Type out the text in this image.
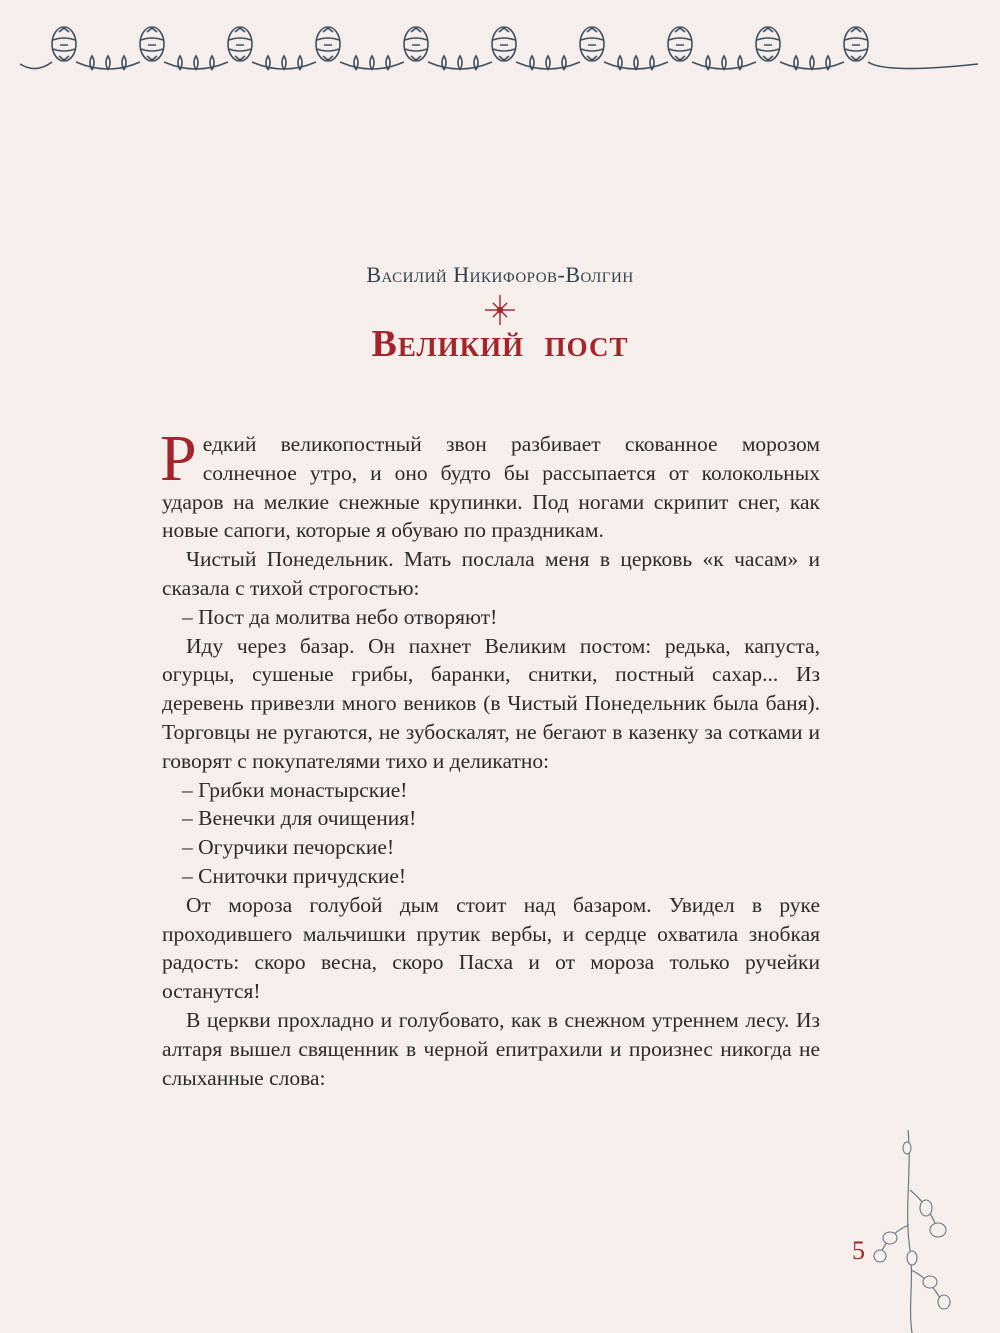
Василий Никифоров-Волгин
Великий пост

Редкий великопостный звон разбивает скованное морозом солнечное утро, и оно будто бы рассыпается от колокольных ударов на мелкие снежные крупинки. Под ногами скрипит снег, как новые сапоги, которые я обуваю по праздникам.

Чистый Понедельник. Мать послала меня в церковь «к часам» и сказала с тихой строгостью:

– Пост да молитва небо отворяют!

Иду через базар. Он пахнет Великим постом: редька, капуста, огурцы, сушеные грибы, баранки, снитки, постный сахар... Из деревень привезли много веников (в Чистый Понедельник была баня). Торговцы не ругаются, не зубоскалят, не бегают в казенку за сотками и говорят с покупателями тихо и деликатно:

– Грибки монастырские!

– Венечки для очищения!

– Огурчики печорские!

– Сниточки причудские!

От мороза голубой дым стоит над базаром. Увидел в руке проходившего мальчишки прутик вербы, и сердце охватила знобкая радость: скоро весна, скоро Пасха и от мороза только ручейки останутся!

В церкви прохладно и голубовато, как в снежном утреннем лесу. Из алтаря вышел священник в черной епитрахили и произнес никогда не слыханные слова:

5
